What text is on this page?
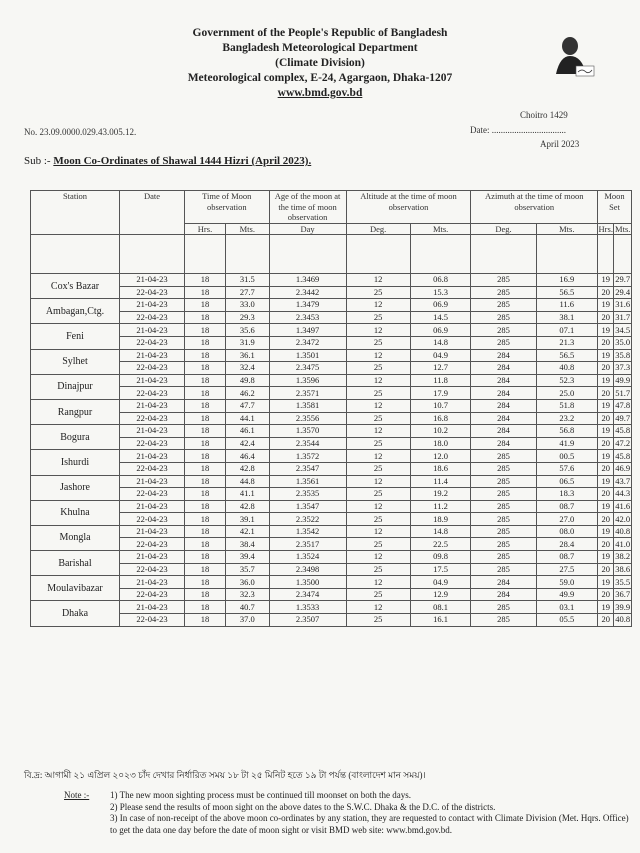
Government of the People's Republic of Bangladesh
Bangladesh Meteorological Department
(Climate Division)
Meteorological complex, E-24, Agargaon, Dhaka-1207
www.bmd.gov.bd
Choitro 1429
No. 23.09.0000.029.43.005.12.	Date: .................................
April 2023
Sub :- Moon Co-Ordinates of Shawal 1444 Hizri (April 2023).
Station	Date	Time of Moon observation		Age of the moon at the time of moon observation	Altitude at the time of moon observation		Azimuth at the time of moon observation		Moon Set	
		Hrs.	Mts.	Day	Deg.	Mts.	Deg.	Mts.	Hrs.	Mts.

Cox's Bazar	21-04-23	18	31.5	1.3469	12	06.8	285	16.9	19	29.7
	22-04-23	18	27.7	2.3442	25	15.3	285	56.5	20	29.4
Ambagan,Ctg.	21-04-23	18	33.0	1.3479	12	06.9	285	11.6	19	31.6
	22-04-23	18	29.3	2.3453	25	14.5	285	38.1	20	31.7
Feni	21-04-23	18	35.6	1.3497	12	06.9	285	07.1	19	34.5
	22-04-23	18	31.9	2.3472	25	14.8	285	21.3	20	35.0
Sylhet	21-04-23	18	36.1	1.3501	12	04.9	284	56.5	19	35.8
	22-04-23	18	32.4	2.3475	25	12.7	284	40.8	20	37.3
Dinajpur	21-04-23	18	49.8	1.3596	12	11.8	284	52.3	19	49.9
	22-04-23	18	46.2	2.3571	25	17.9	284	25.0	20	51.7
Rangpur	21-04-23	18	47.7	1.3581	12	10.7	284	51.8	19	47.8
	22-04-23	18	44.1	2.3556	25	16.8	284	23.2	20	49.7
Bogura	21-04-23	18	46.1	1.3570	12	10.2	284	56.8	19	45.8
	22-04-23	18	42.4	2.3544	25	18.0	284	41.9	20	47.2
Ishurdi	21-04-23	18	46.4	1.3572	12	12.0	285	00.5	19	45.8
	22-04-23	18	42.8	2.3547	25	18.6	285	57.6	20	46.9
Jashore	21-04-23	18	44.8	1.3561	12	11.4	285	06.5	19	43.7
	22-04-23	18	41.1	2.3535	25	19.2	285	18.3	20	44.3
Khulna	21-04-23	18	42.8	1.3547	12	11.2	285	08.7	19	41.6
	22-04-23	18	39.1	2.3522	25	18.9	285	27.0	20	42.0
Mongla	21-04-23	18	42.1	1.3542	12	14.8	285	08.0	19	40.8
	22-04-23	18	38.4	2.3517	25	22.5	285	28.4	20	41.0
Barishal	21-04-23	18	39.4	1.3524	12	09.8	285	08.7	19	38.2
	22-04-23	18	35.7	2.3498	25	17.5	285	27.5	20	38.6
Moulavibazar	21-04-23	18	36.0	1.3500	12	04.9	284	59.0	19	35.5
	22-04-23	18	32.3	2.3474	25	12.9	284	49.9	20	36.7
Dhaka	21-04-23	18	40.7	1.3533	12	08.1	285	03.1	19	39.9
	22-04-23	18	37.0	2.3507	25	16.1	285	05.5	20	40.8
বি.দ্র: আগামী ২১ এপ্রিল ২০২৩ চাঁদ দেখার নির্ধারিত সময় ১৮ টা ২৫ মিনিট হতে ১৯ টা পর্যন্ত (বাংলাদেশ মান সময়)।
Note :- 1) The new moon sighting process must be continued till moonset on both the days.
2) Please send the results of moon sight on the above dates to the S.W.C. Dhaka & the D.C. of the districts.
3) In case of non-receipt of the above moon co-ordinates by any station, they are requested to contact with Climate Division (Met. Hqrs. Office) to get the data one day before the date of moon sight or visit BMD web site: www.bmd.gov.bd.
